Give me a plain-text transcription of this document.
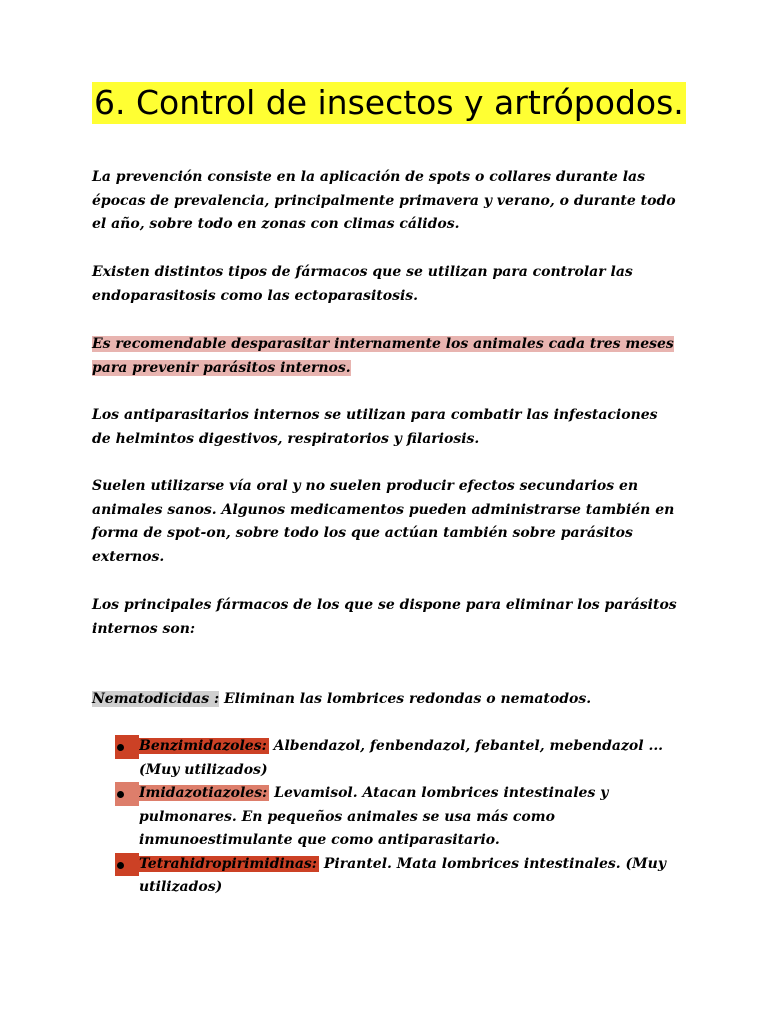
6. Control de insectos y artrópodos.

La prevención consiste en la aplicación de spots o collares durante las épocas de prevalencia, principalmente primavera y verano, o durante todo el año, sobre todo en zonas con climas cálidos.

Existen distintos tipos de fármacos que se utilizan para controlar las endoparasitosis como las ectoparasitosis.

Es recomendable desparasitar internamente los animales cada tres meses para prevenir parásitos internos.

Los antiparasitarios internos se utilizan para combatir las infestaciones de helmintos digestivos, respiratorios y filariosis.

Suelen utilizarse vía oral y no suelen producir efectos secundarios en animales sanos. Algunos medicamentos pueden administrarse también en forma de spot-on, sobre todo los que actúan también sobre parásitos externos.

Los principales fármacos de los que se dispone para eliminar los parásitos internos son:

Nematodicidas : Eliminan las lombrices redondas o nematodos.

Benzimidazoles: Albendazol, fenbendazol, febantel, mebendazol ... (Muy utilizados)
Imidazotiazoles: Levamisol. Atacan lombrices intestinales y pulmonares. En pequeños animales se usa más como inmunoestimulante que como antiparasitario.
Tetrahidropirimidinas: Pirantel. Mata lombrices intestinales. (Muy utilizados)
